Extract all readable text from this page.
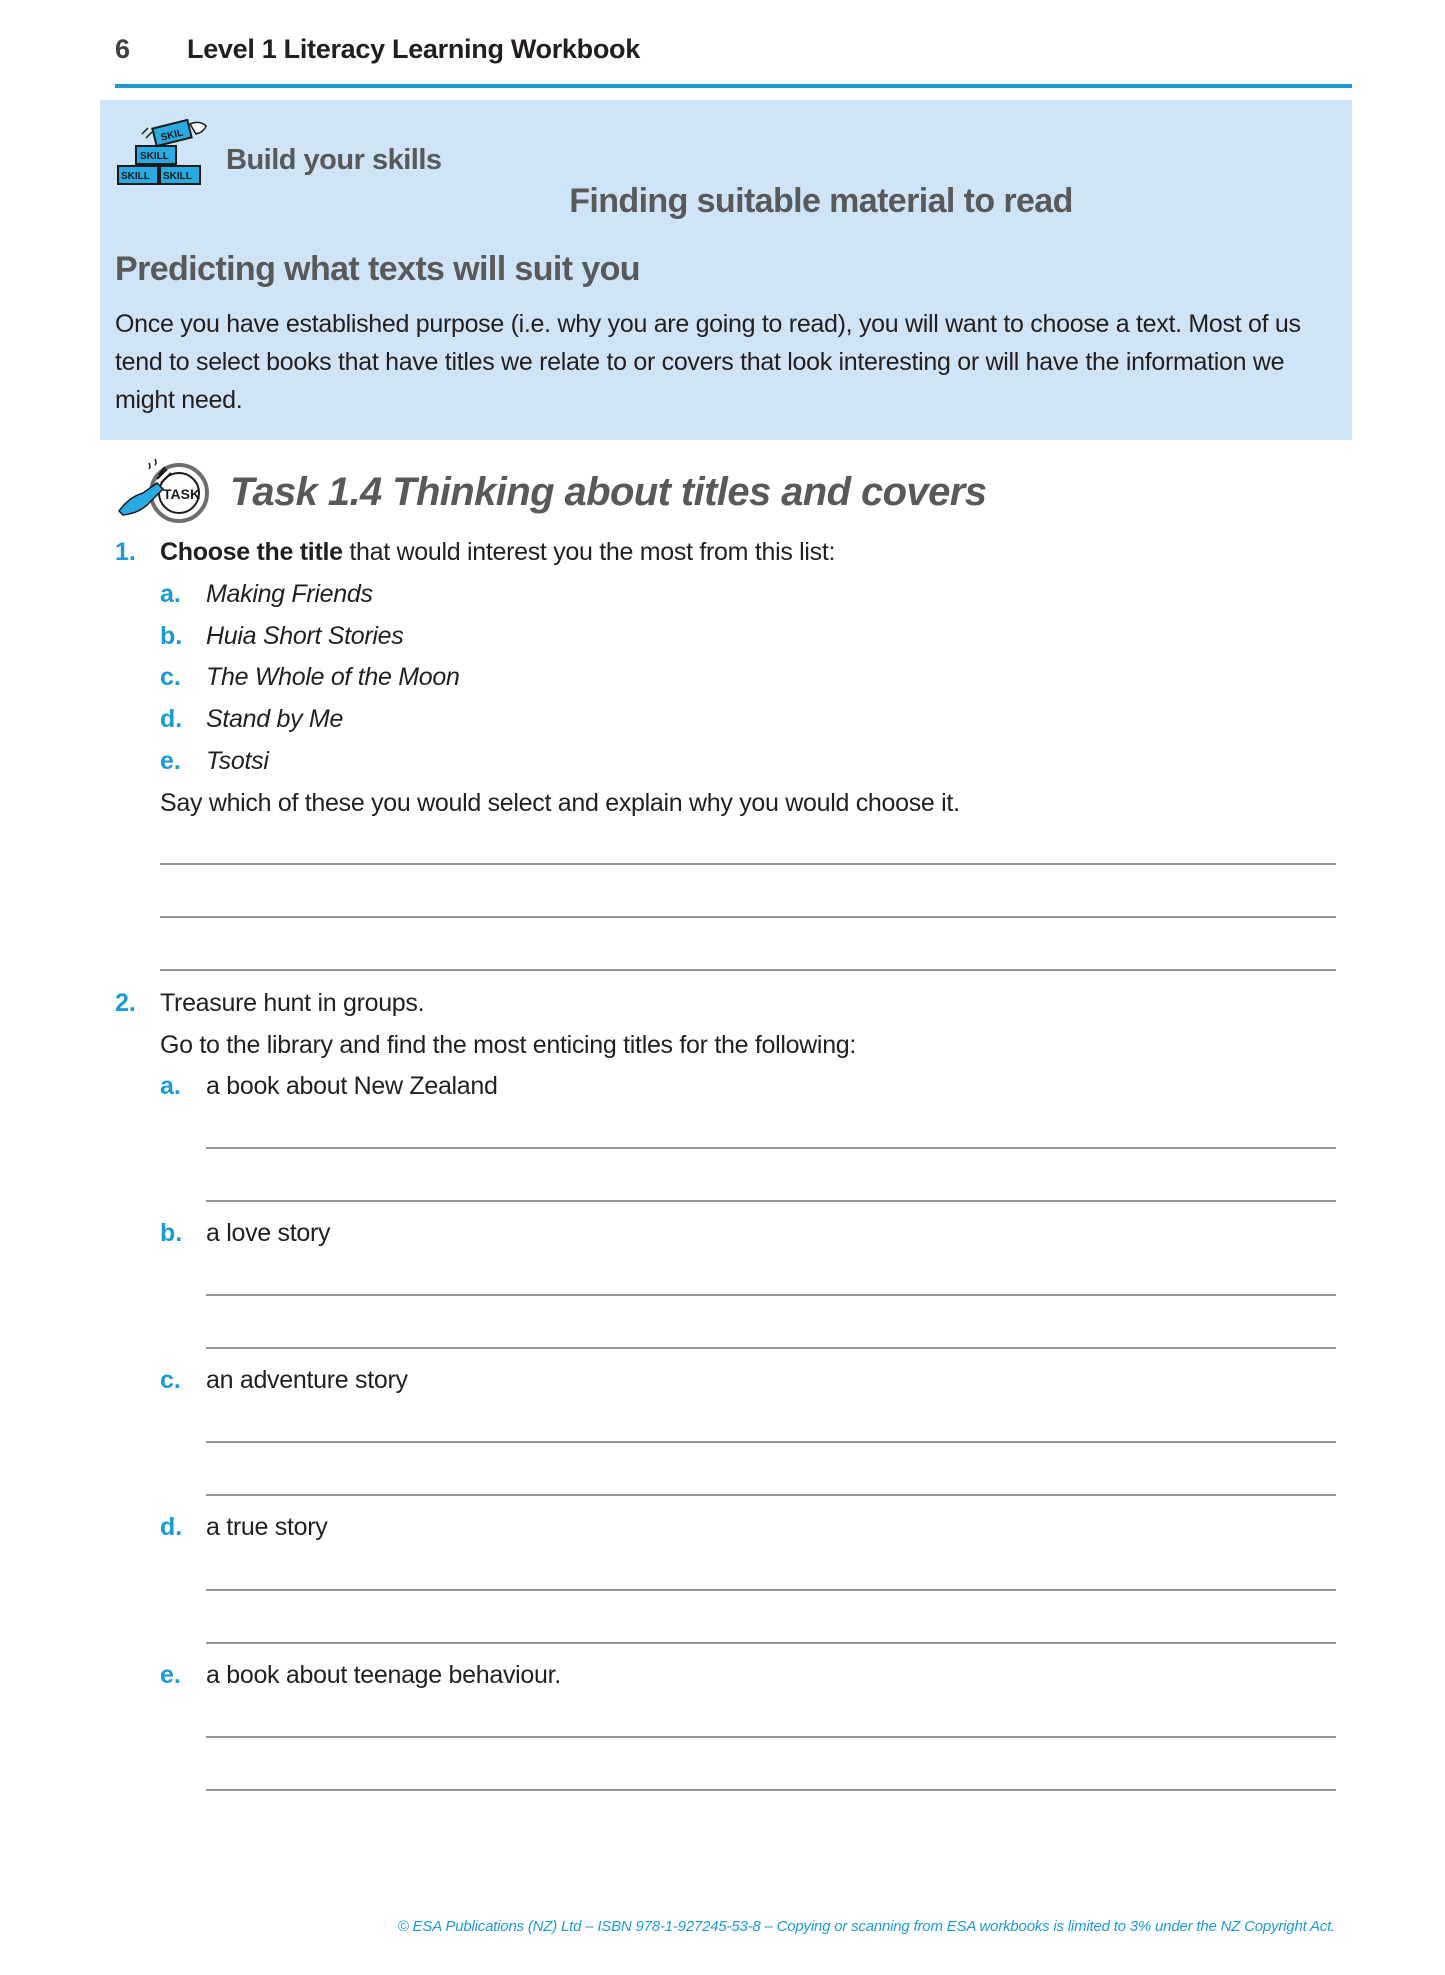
6 Level 1 Literacy Learning Workbook
SKILL SKILL
SKILL
SKIL
Build your skills
Finding suitable material to read
Predicting what texts will suit you

Once you have established purpose (i.e. why you are going to read), you will want to choose a text. Most of us tend to select books that have titles we relate to or covers that look interesting or will have the information we might need.

TASK Task 1.4 Thinking about titles and covers
1. Choose the title that would interest you the most from this list:
a. Making Friends
b. Huia Short Stories
c. The Whole of the Moon
d. Stand by Me
e. Tsotsi
Say which of these you would select and explain why you would choose it.
2. Treasure hunt in groups.
Go to the library and find the most enticing titles for the following:
a. a book about New Zealand
b. a love story
c. an adventure story
d. a true story
e. a book about teenage behaviour.
© ESA Publications (NZ) Ltd – ISBN 978-1-927245-53-8 – Copying or scanning from ESA workbooks is limited to 3% under the NZ Copyright Act.
